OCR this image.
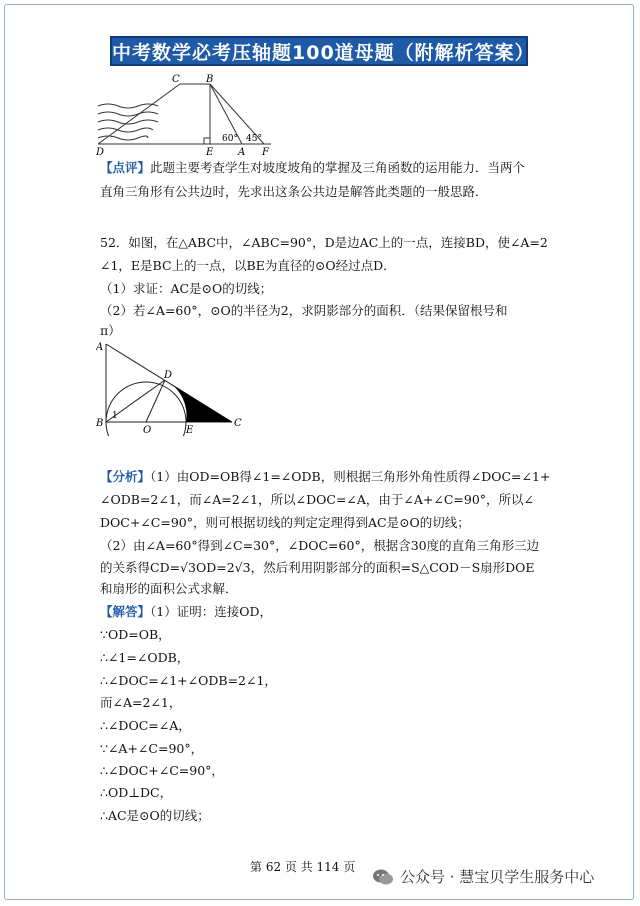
中考数学必考压轴题100道母题（附解析答案）
C	B
D	E A F
60° 45°
【点评】此题主要考查学生对坡度坡角的掌握及三角函数的运用能力．当两个
直角三角形有公共边时，先求出这条公共边是解答此类题的一般思路．
52．如图，在△ABC中，∠ABC=90°，D是边AC上的一点，连接BD，使∠A=2
∠1，E是BC上的一点，以BE为直径的⊙O经过点D．
（1）求证：AC是⊙O的切线；
（2）若∠A=60°，⊙O的半径为2，求阴影部分的面积．（结果保留根号和
π）
A
D
B
1
O	E
C
【分析】（1）由OD=OB得∠1=∠ODB，则根据三角形外角性质得∠DOC=∠1+
∠ODB=2∠1，而∠A=2∠1，所以∠DOC=∠A，由于∠A+∠C=90°，所以∠
DOC+∠C=90°，则可根据切线的判定定理得到AC是⊙O的切线；
（2）由∠A=60°得到∠C=30°，∠DOC=60°，根据含30度的直角三角形三边
的关系得CD=√3OD=2√3，然后利用阴影部分的面积=S△COD－S扇形DOE
和扇形的面积公式求解．
【解答】（1）证明：连接OD，
∵OD=OB，
∴∠1=∠ODB，
∴∠DOC=∠1+∠ODB=2∠1，
而∠A=2∠1，
∴∠DOC=∠A，
∵∠A+∠C=90°，
∴∠DOC+∠C=90°，
∴OD⊥DC，
∴AC是⊙O的切线；
第 62 页 共 114 页
公众号 · 慧宝贝学生服务中心
